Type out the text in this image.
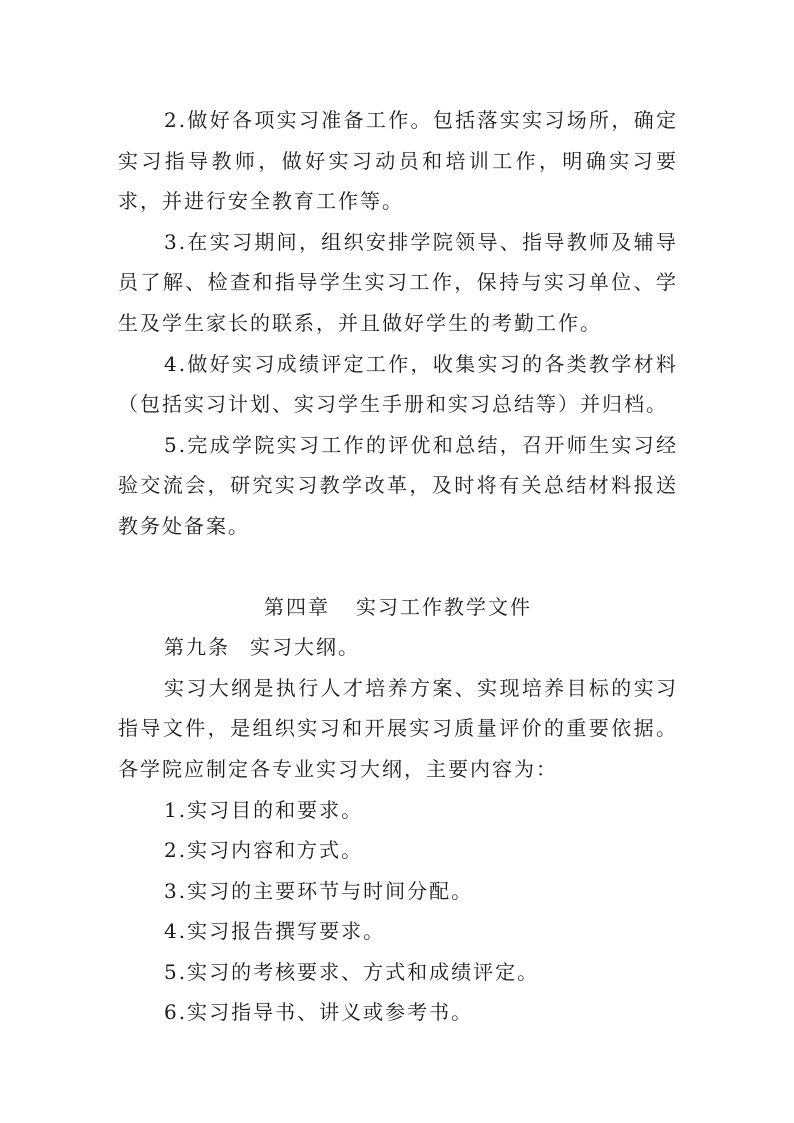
2.做好各项实习准备工作。包括落实实习场所，确定实习指导教师，做好实习动员和培训工作，明确实习要求，并进行安全教育工作等。

3.在实习期间，组织安排学院领导、指导教师及辅导员了解、检查和指导学生实习工作，保持与实习单位、学生及学生家长的联系，并且做好学生的考勤工作。

4.做好实习成绩评定工作，收集实习的各类教学材料（包括实习计划、实习学生手册和实习总结等）并归档。

5.完成学院实习工作的评优和总结，召开师生实习经验交流会，研究实习教学改革，及时将有关总结材料报送教务处备案。

第四章 实习工作教学文件

第九条 实习大纲。

实习大纲是执行人才培养方案、实现培养目标的实习指导文件，是组织实习和开展实习质量评价的重要依据。各学院应制定各专业实习大纲，主要内容为：

1.实习目的和要求。

2.实习内容和方式。

3.实习的主要环节与时间分配。

4.实习报告撰写要求。

5.实习的考核要求、方式和成绩评定。

6.实习指导书、讲义或参考书。
